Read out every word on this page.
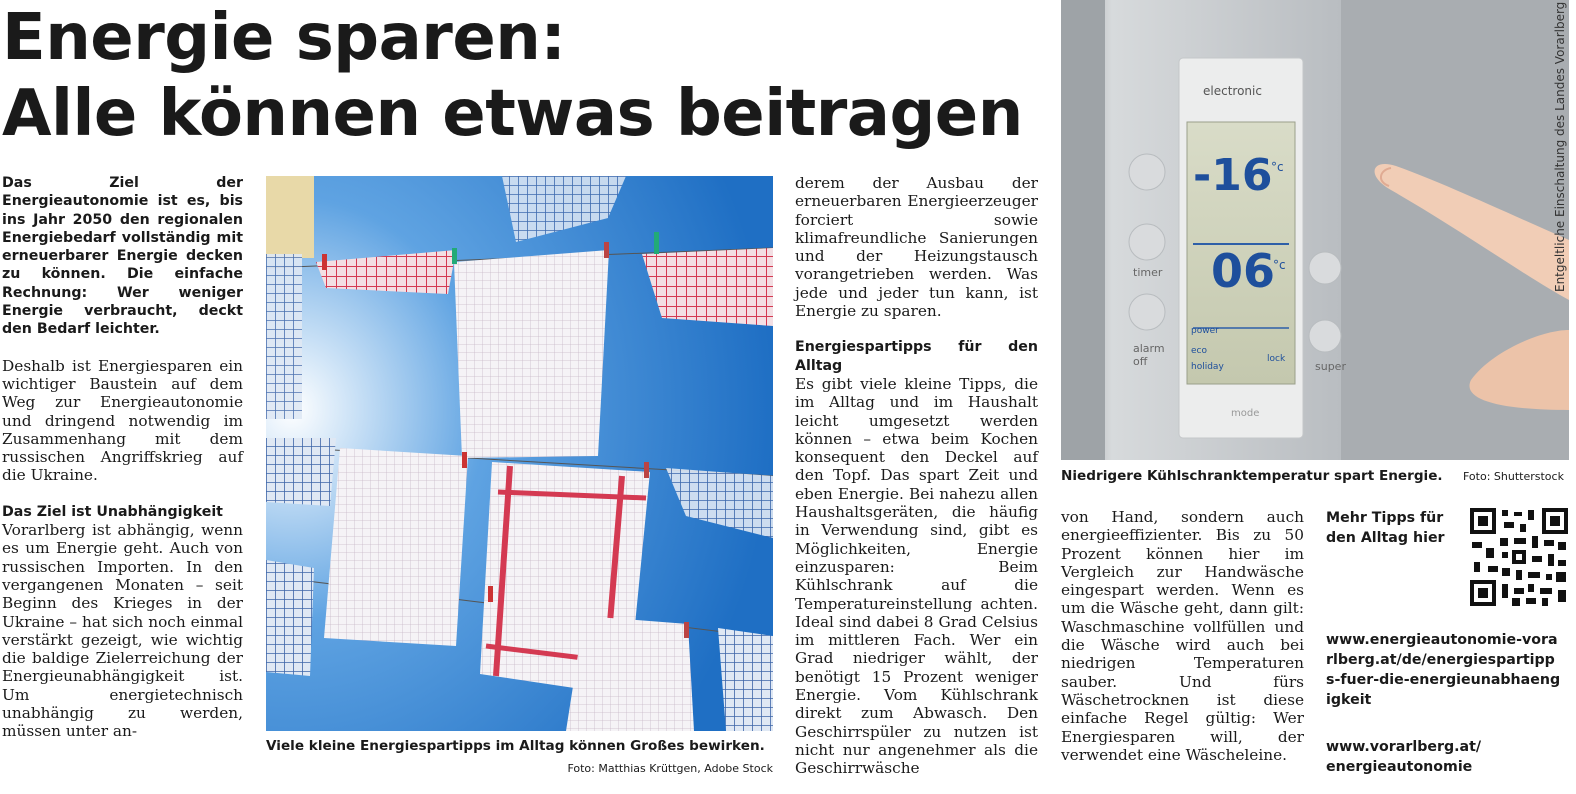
Energie sparen:
Alle können etwas beitragen

Das Ziel der Energieautonomie ist es, bis ins Jahr 2050 den regionalen Energiebedarf vollständig mit erneuerbarer Energie decken zu können. Die einfache Rechnung: Wer weniger Energie verbraucht, deckt den Bedarf leichter.

Deshalb ist Energiesparen ein wichtiger Baustein auf dem Weg zur Energieautonomie und dringend notwendig im Zusammenhang mit dem russischen Angriffskrieg auf die Ukraine.

Das Ziel ist Unabhängigkeit

Vorarlberg ist abhängig, wenn es um Energie geht. Auch von russischen Importen. In den vergangenen Monaten – seit Beginn des Krieges in der Ukraine – hat sich noch einmal verstärkt gezeigt, wie wichtig die baldige Zielerreichung der Energieunabhängigkeit ist. Um energietechnisch unabhängig zu werden, müssen unter an-

Viele kleine Energiespartipps im Alltag können Großes bewirken.
Foto: Matthias Krüttgen, Adobe Stock

derem der Ausbau der erneuerbaren Energieerzeuger forciert sowie klimafreundliche Sanierungen und der Heizungstausch vorangetrieben werden. Was jede und jeder tun kann, ist Energie zu sparen.

Energiespartipps für den Alltag

Es gibt viele kleine Tipps, die im Alltag und im Haushalt leicht umgesetzt werden können – etwa beim Kochen konsequent den Deckel auf den Topf. Das spart Zeit und eben Energie. Bei nahezu allen Haushaltsgeräten, die häufig in Verwendung sind, gibt es Möglichkeiten, Energie einzusparen: Beim Kühlschrank auf die Temperatureinstellung achten. Ideal sind dabei 8 Grad Celsius im mittleren Fach. Wer ein Grad niedriger wählt, der benötigt 15 Prozent weniger Energie. Vom Kühlschrank direkt zum Abwasch. Den Geschirrspüler zu nutzen ist nicht nur angenehmer als die Geschirrwäsche

electronic
-16
°c
06
°c
power
eco
holiday
lock
timer
alarm off	super
mode
Niedrigere Kühlschranktemperatur spart Energie. Foto: Shutterstock
Entgeltliche Einschaltung des Landes Vorarlberg

von Hand, sondern auch energieeffizienter. Bis zu 50 Prozent können hier im Vergleich zur Handwäsche eingespart werden. Wenn es um die Wäsche geht, dann gilt: Waschmaschine vollfüllen und die Wäsche wird auch bei niedrigen Temperaturen sauber. Und fürs Wäschetrocknen ist diese einfache Regel gültig: Wer Energiesparen will, der verwendet eine Wäscheleine.

Mehr Tipps für den Alltag hier
www.energieautonomie-vorarlberg.at/de/energiespartipps-fuer-die-energieunabhaengigkeit
www.vorarlberg.at/ energieautonomie
